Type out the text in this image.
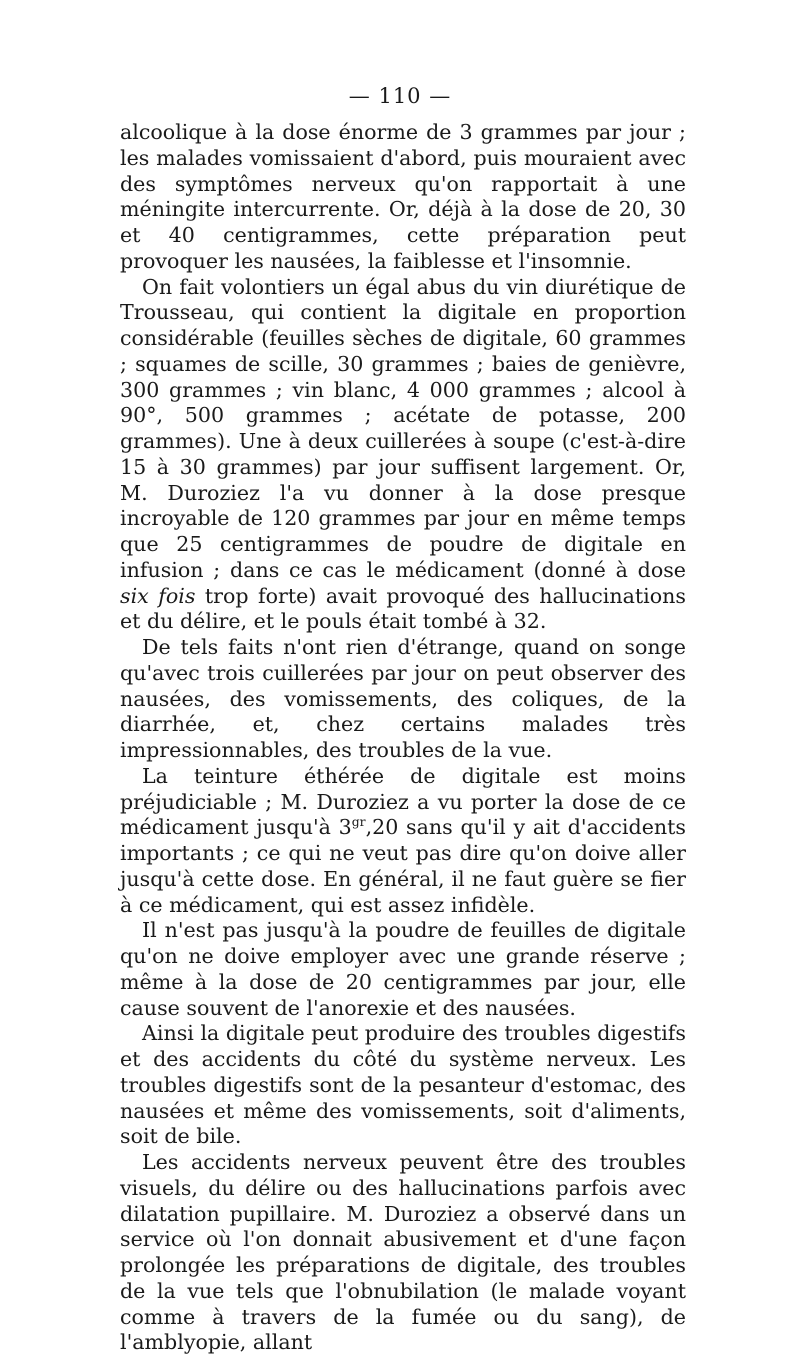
— 110 —

alcoolique à la dose énorme de 3 grammes par jour ; les malades vomissaient d'abord, puis mouraient avec des symptômes nerveux qu'on rapportait à une méningite intercurrente. Or, déjà à la dose de 20, 30 et 40 centigrammes, cette préparation peut provoquer les nausées, la faiblesse et l'insomnie.

On fait volontiers un égal abus du vin diurétique de Trousseau, qui contient la digitale en proportion considérable (feuilles sèches de digitale, 60 grammes ; squames de scille, 30 grammes ; baies de genièvre, 300 grammes ; vin blanc, 4 000 grammes ; alcool à 90°, 500 grammes ; acétate de potasse, 200 grammes). Une à deux cuillerées à soupe (c'est-à-dire 15 à 30 grammes) par jour suffisent largement. Or, M. Duroziez l'a vu donner à la dose presque incroyable de 120 grammes par jour en même temps que 25 centigrammes de poudre de digitale en infusion ; dans ce cas le médicament (donné à dose six fois trop forte) avait provoqué des hallucinations et du délire, et le pouls était tombé à 32.

De tels faits n'ont rien d'étrange, quand on songe qu'avec trois cuillerées par jour on peut observer des nausées, des vomissements, des coliques, de la diarrhée, et, chez certains malades très impressionnables, des troubles de la vue.

La teinture éthérée de digitale est moins préjudiciable ; M. Duroziez a vu porter la dose de ce médicament jusqu'à $3^{gr},20$ sans qu'il y ait d'accidents importants ; ce qui ne veut pas dire qu'on doive aller jusqu'à cette dose. En général, il ne faut guère se fier à ce médicament, qui est assez infidèle.

Il n'est pas jusqu'à la poudre de feuilles de digitale qu'on ne doive employer avec une grande réserve ; même à la dose de 20 centigrammes par jour, elle cause souvent de l'anorexie et des nausées.

Ainsi la digitale peut produire des troubles digestifs et des accidents du côté du système nerveux. Les troubles digestifs sont de la pesanteur d'estomac, des nausées et même des vomissements, soit d'aliments, soit de bile.

Les accidents nerveux peuvent être des troubles visuels, du délire ou des hallucinations parfois avec dilatation pupillaire. M. Duroziez a observé dans un service où l'on donnait abusivement et d'une façon prolongée les préparations de digitale, des troubles de la vue tels que l'obnubilation (le malade voyant comme à travers de la fumée ou du sang), de l'amblyopie, allant
